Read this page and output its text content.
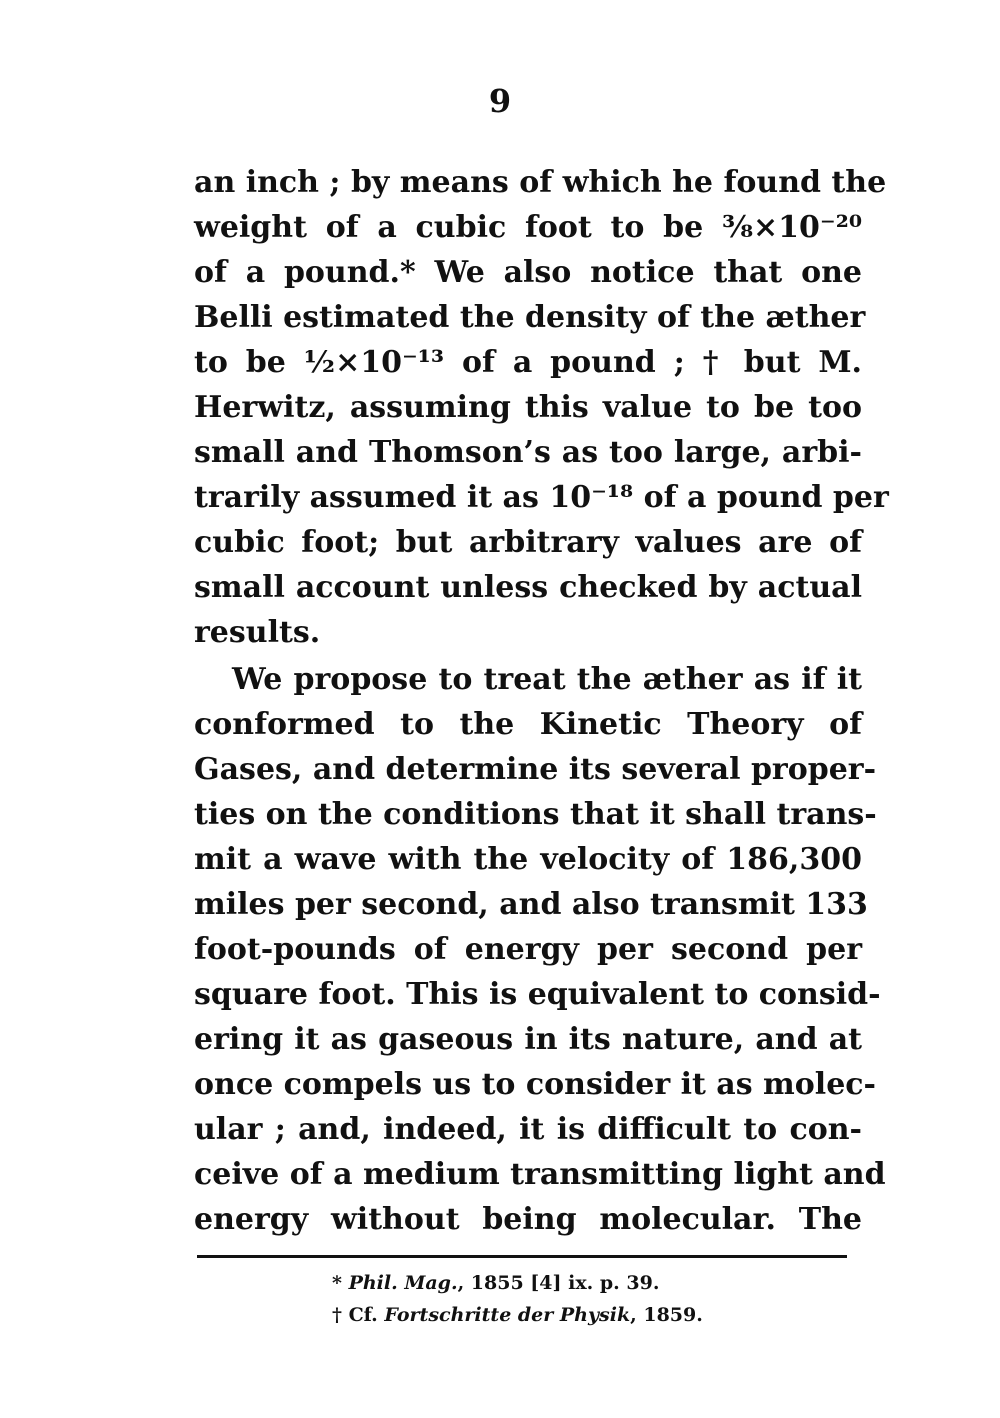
9
an inch ; by means of which he found the
weight of a cubic foot to be ⅜×10⁻²⁰
of a pound.* We also notice that one
Belli estimated the density of the æther
to be ½×10⁻¹³ of a pound ; † but M.
Herwitz, assuming this value to be too
small and Thomson’s as too large, arbi-
trarily assumed it as 10⁻¹⁸ of a pound per
cubic foot; but arbitrary values are of
small account unless checked by actual
results.
We propose to treat the æther as if it
conformed to the Kinetic Theory of
Gases, and determine its several proper-
ties on the conditions that it shall trans-
mit a wave with the velocity of 186,300
miles per second, and also transmit 133
foot-pounds of energy per second per
square foot. This is equivalent to consid-
ering it as gaseous in its nature, and at
once compels us to consider it as molec-
ular ; and, indeed, it is difficult to con-
ceive of a medium transmitting light and
energy without being molecular. The
* Phil. Mag., 1855 [4] ix. p. 39.
† Cf. Fortschritte der Physik, 1859.
